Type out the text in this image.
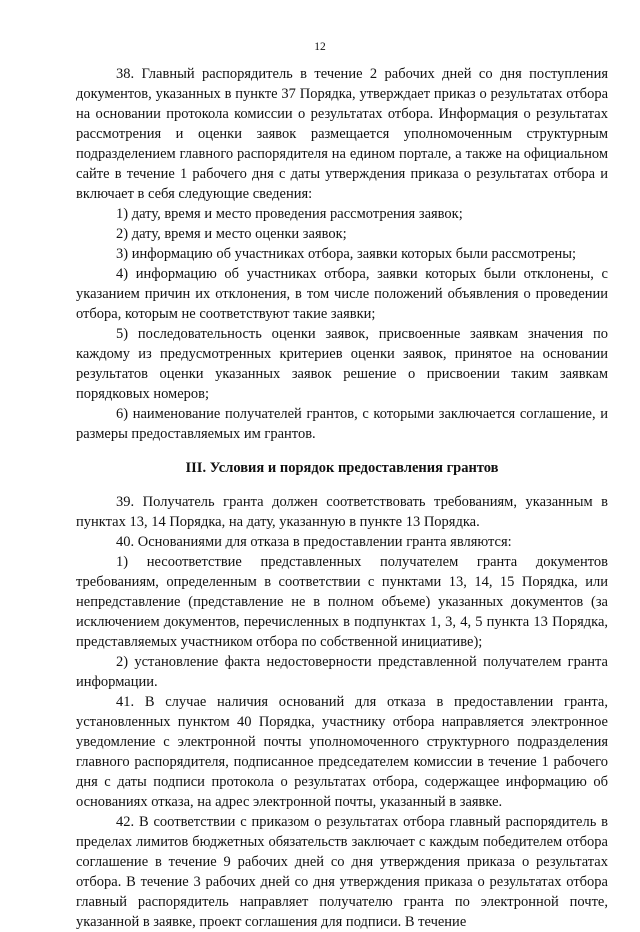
12

38. Главный распорядитель в течение 2 рабочих дней со дня поступления документов, указанных в пункте 37 Порядка, утверждает приказ о результатах отбора на основании протокола комиссии о результатах отбора. Информация о результатах рассмотрения и оценки заявок размещается уполномоченным структурным подразделением главного распорядителя на едином портале, а также на официальном сайте в течение 1 рабочего дня с даты утверждения приказа о результатах отбора и включает в себя следующие сведения:

1) дату, время и место проведения рассмотрения заявок;

2) дату, время и место оценки заявок;

3) информацию об участниках отбора, заявки которых были рассмотрены;

4) информацию об участниках отбора, заявки которых были отклонены, с указанием причин их отклонения, в том числе положений объявления о проведении отбора, которым не соответствуют такие заявки;

5) последовательность оценки заявок, присвоенные заявкам значения по каждому из предусмотренных критериев оценки заявок, принятое на основании результатов оценки указанных заявок решение о присвоении таким заявкам порядковых номеров;

6) наименование получателей грантов, с которыми заключается соглашение, и размеры предоставляемых им грантов.

III. Условия и порядок предоставления грантов

39. Получатель гранта должен соответствовать требованиям, указанным в пунктах 13, 14 Порядка, на дату, указанную в пункте 13 Порядка.

40. Основаниями для отказа в предоставлении гранта являются:

1) несоответствие представленных получателем гранта документов требованиям, определенным в соответствии с пунктами 13, 14, 15 Порядка, или непредставление (представление не в полном объеме) указанных документов (за исключением документов, перечисленных в подпунктах 1, 3, 4, 5 пункта 13 Порядка, представляемых участником отбора по собственной инициативе);

2) установление факта недостоверности представленной получателем гранта информации.

41. В случае наличия оснований для отказа в предоставлении гранта, установленных пунктом 40 Порядка, участнику отбора направляется электронное уведомление с электронной почты уполномоченного структурного подразделения главного распорядителя, подписанное председателем комиссии в течение 1 рабочего дня с даты подписи протокола о результатах отбора, содержащее информацию об основаниях отказа, на адрес электронной почты, указанный в заявке.

42. В соответствии с приказом о результатах отбора главный распорядитель в пределах лимитов бюджетных обязательств заключает с каждым победителем отбора соглашение в течение 9 рабочих дней со дня утверждения приказа о результатах отбора. В течение 3 рабочих дней со дня утверждения приказа о результатах отбора главный распорядитель направляет получателю гранта по электронной почте, указанной в заявке, проект соглашения для подписи. В течение
